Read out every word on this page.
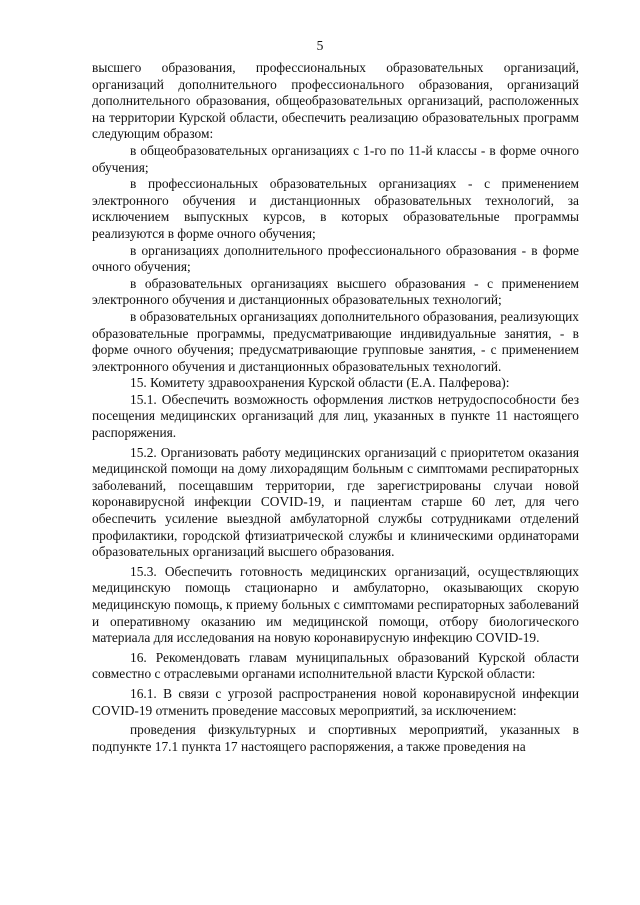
5

высшего образования, профессиональных образовательных организаций, организаций дополнительного профессионального образования, организаций дополнительного образования, общеобразовательных организаций, расположенных на территории Курской области, обеспечить реализацию образовательных программ следующим образом:

в общеобразовательных организациях с 1-го по 11-й классы - в форме очного обучения;

в профессиональных образовательных организациях - с применением электронного обучения и дистанционных образовательных технологий, за исключением выпускных курсов, в которых образовательные программы реализуются в форме очного обучения;

в организациях дополнительного профессионального образования - в форме очного обучения;

в образовательных организациях высшего образования - с применением электронного обучения и дистанционных образовательных технологий;

в образовательных организациях дополнительного образования, реализующих образовательные программы, предусматривающие индивидуальные занятия, - в форме очного обучения; предусматривающие групповые занятия, - с применением электронного обучения и дистанционных образовательных технологий.

15. Комитету здравоохранения Курской области (Е.А. Палферова):

15.1. Обеспечить возможность оформления листков нетрудоспособности без посещения медицинских организаций для лиц, указанных в пункте 11 настоящего распоряжения.

15.2. Организовать работу медицинских организаций с приоритетом оказания медицинской помощи на дому лихорадящим больным с симптомами респираторных заболеваний, посещавшим территории, где зарегистрированы случаи новой коронавирусной инфекции COVID-19, и пациентам старше 60 лет, для чего обеспечить усиление выездной амбулаторной службы сотрудниками отделений профилактики, городской фтизиатрической службы и клиническими ординаторами образовательных организаций высшего образования.

15.3. Обеспечить готовность медицинских организаций, осуществляющих медицинскую помощь стационарно и амбулаторно, оказывающих скорую медицинскую помощь, к приему больных с симптомами респираторных заболеваний и оперативному оказанию им медицинской помощи, отбору биологического материала для исследования на новую коронавирусную инфекцию COVID-19.

16. Рекомендовать главам муниципальных образований Курской области совместно с отраслевыми органами исполнительной власти Курской области:

16.1. В связи с угрозой распространения новой коронавирусной инфекции COVID-19 отменить проведение массовых мероприятий, за исключением:

проведения физкультурных и спортивных мероприятий, указанных в подпункте 17.1 пункта 17 настоящего распоряжения, а также проведения на
